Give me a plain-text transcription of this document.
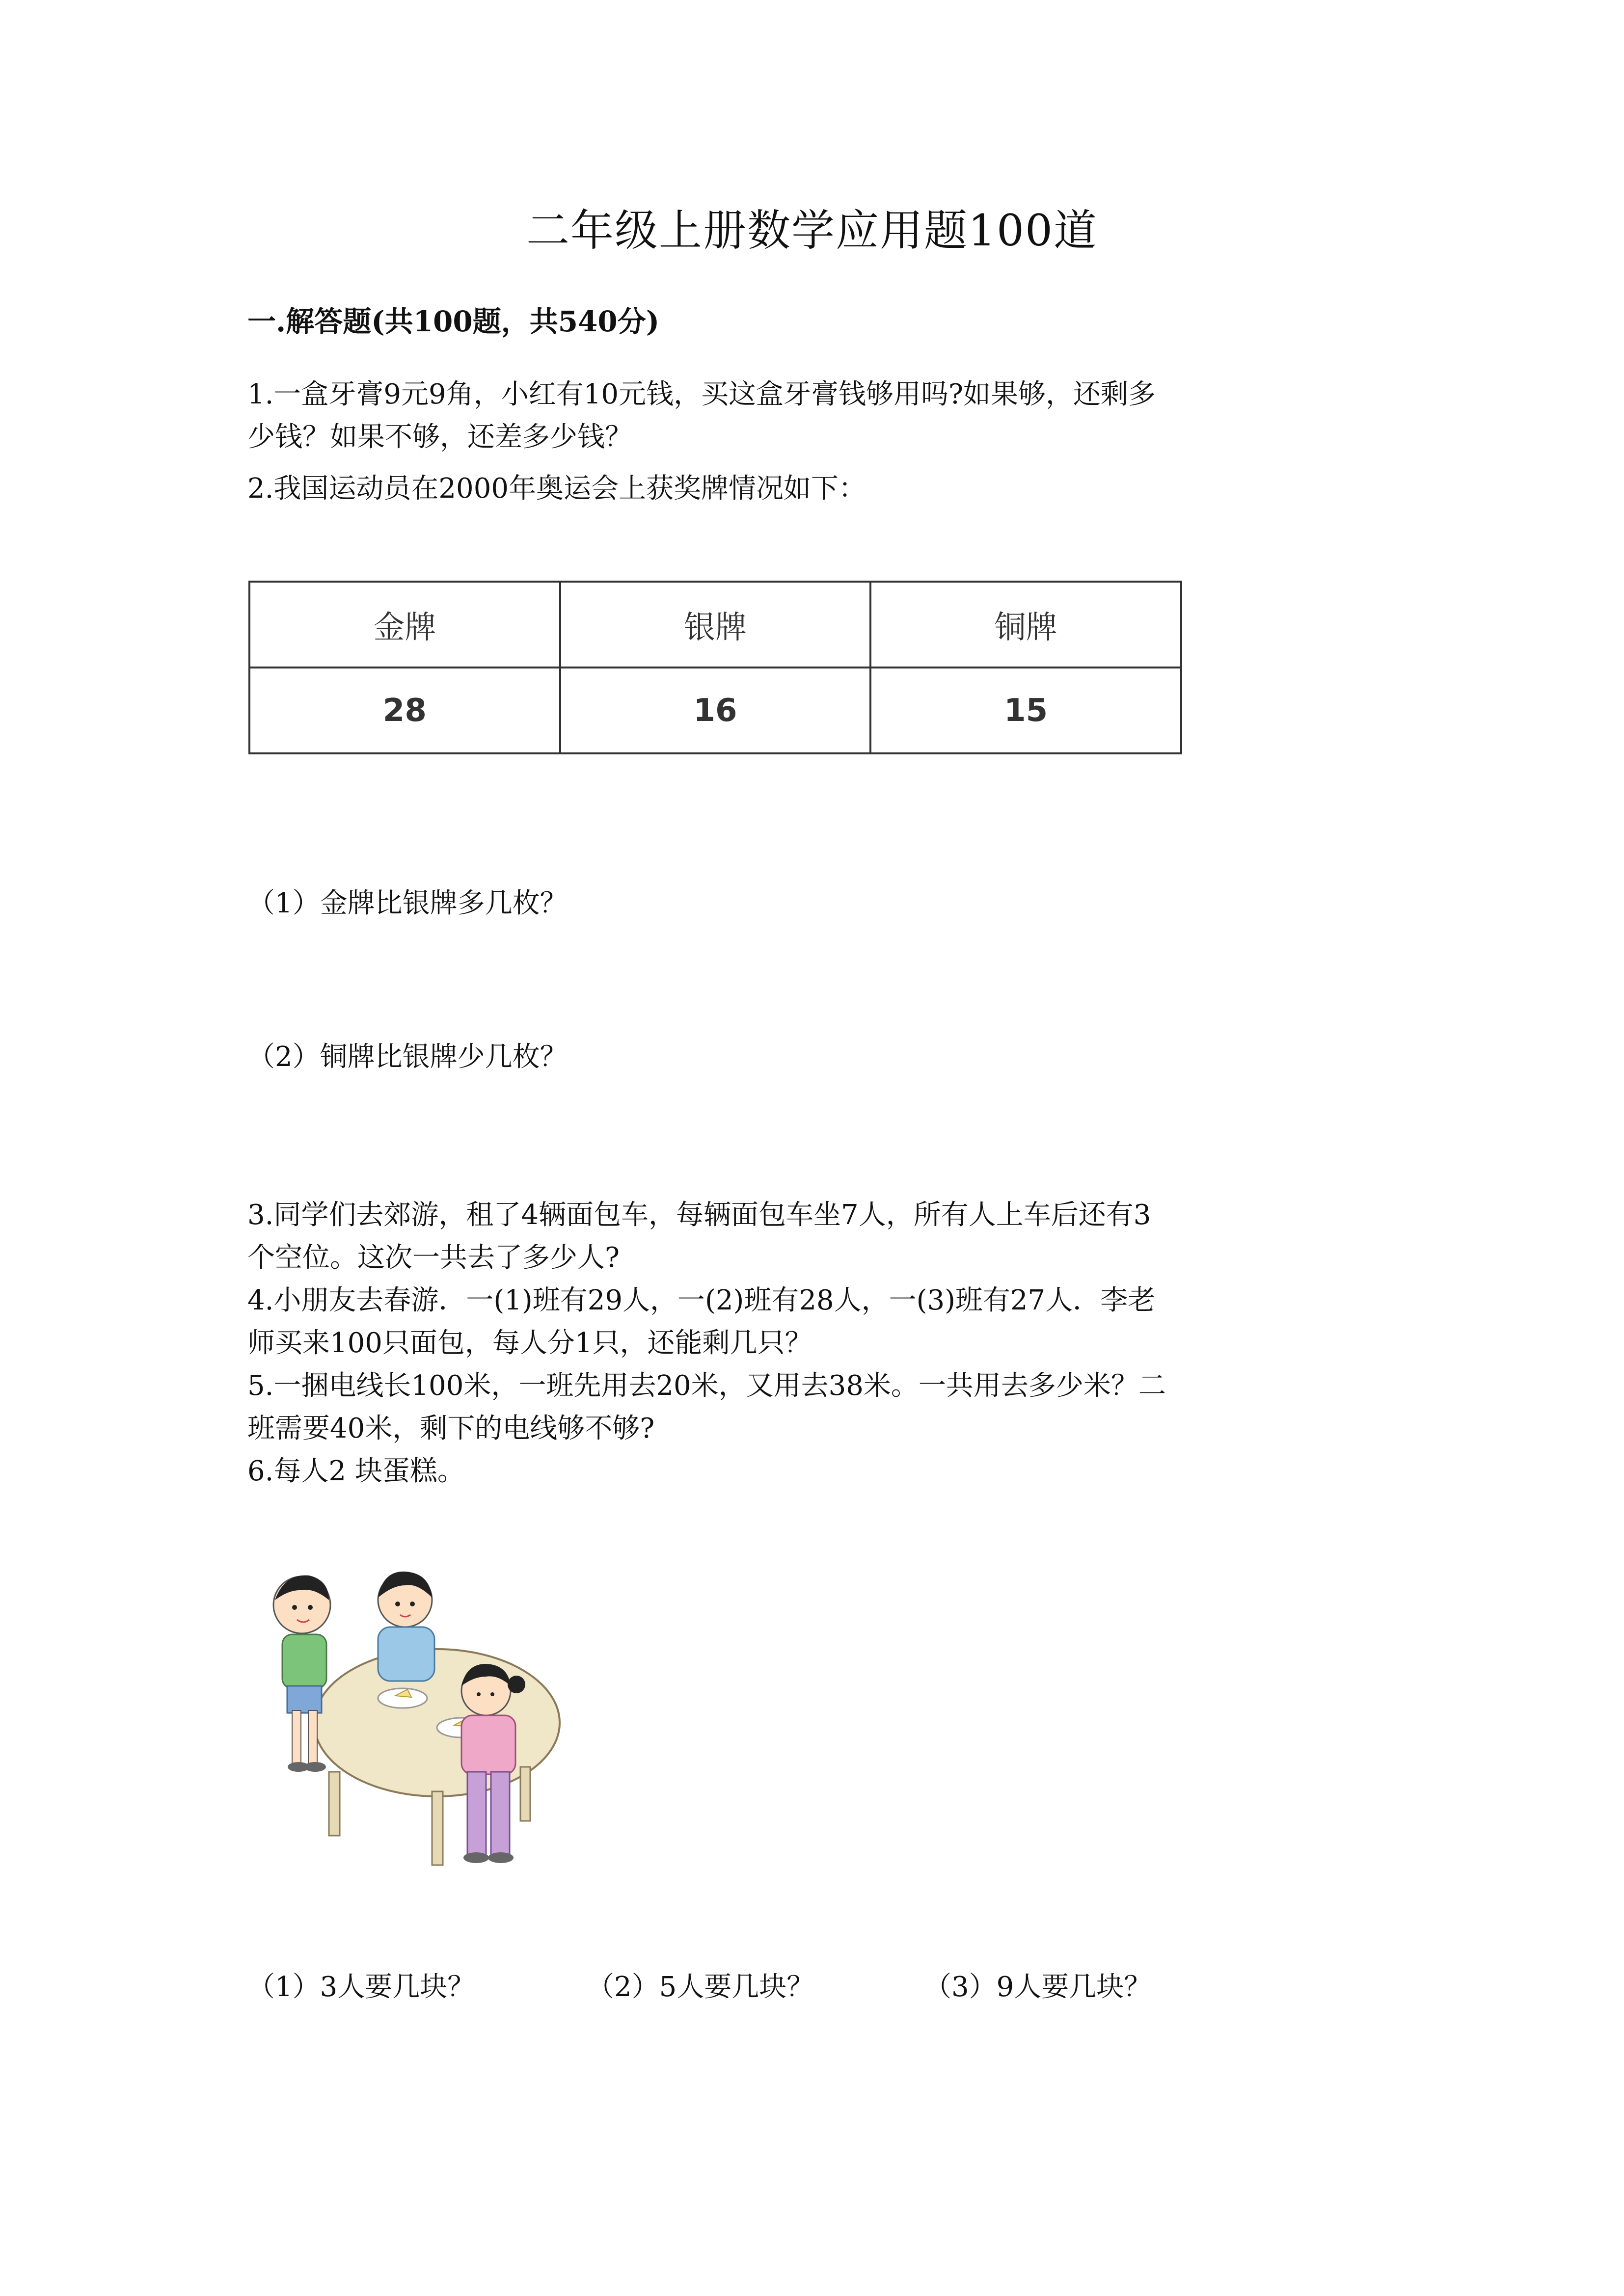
二年级上册数学应用题100道
一.解答题(共100题，共540分)

1.一盒牙膏9元9角，小红有10元钱，买这盒牙膏钱够用吗?如果够，还剩多

少钱？如果不够，还差多少钱？

2.我国运动员在2000年奥运会上获奖牌情况如下：

金牌	银牌	铜牌
28	16	15
（1）金牌比银牌多几枚？
（2）铜牌比银牌少几枚？

3.同学们去郊游，租了4辆面包车，每辆面包车坐7人，所有人上车后还有3

个空位。这次一共去了多少人?

4.小朋友去春游．一(1)班有29人，一(2)班有28人，一(3)班有27人．李老

师买来100只面包，每人分1只，还能剩几只？

5.一捆电线长100米，一班先用去20米，又用去38米。一共用去多少米？二

班需要40米，剩下的电线够不够?

6.每人2 块蛋糕。

（1）3人要几块？	（2）5人要几块？	（3）9人要几块？
